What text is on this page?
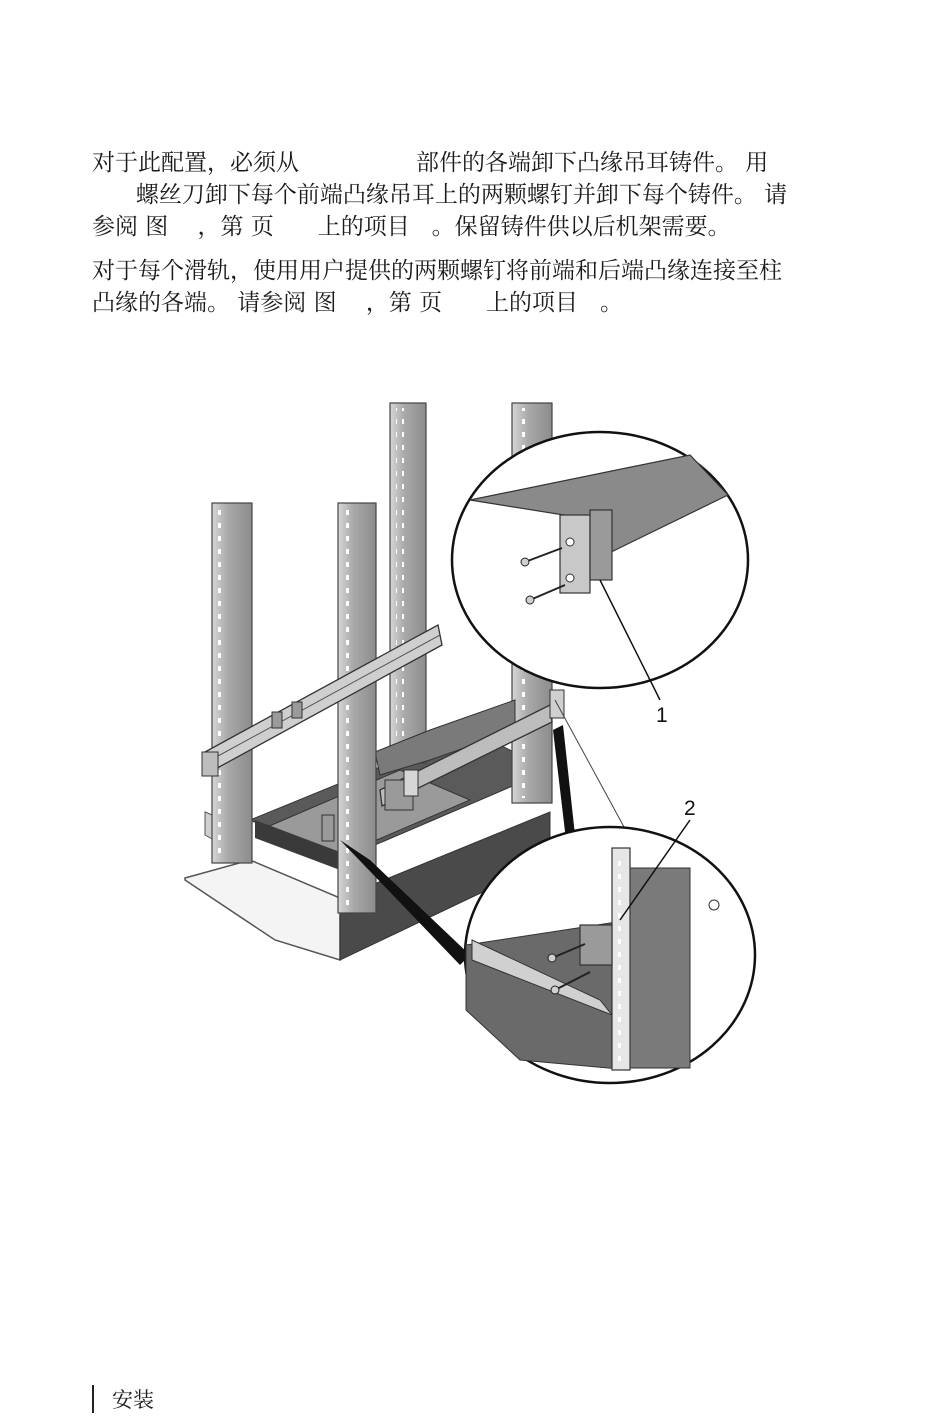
对于此配置，必须从                部件的各端卸下凸缘吊耳铸件。 用
螺丝刀卸下每个前端凸缘吊耳上的两颗螺钉并卸下每个铸件。 请
参阅 图    ，第 页      上的项目   。保留铸件供以后机架需要。
对于每个滑轨，使用用户提供的两颗螺钉将前端和后端凸缘连接至柱
凸缘的各端。 请参阅 图    ，第 页      上的项目   。
1
2
安装
